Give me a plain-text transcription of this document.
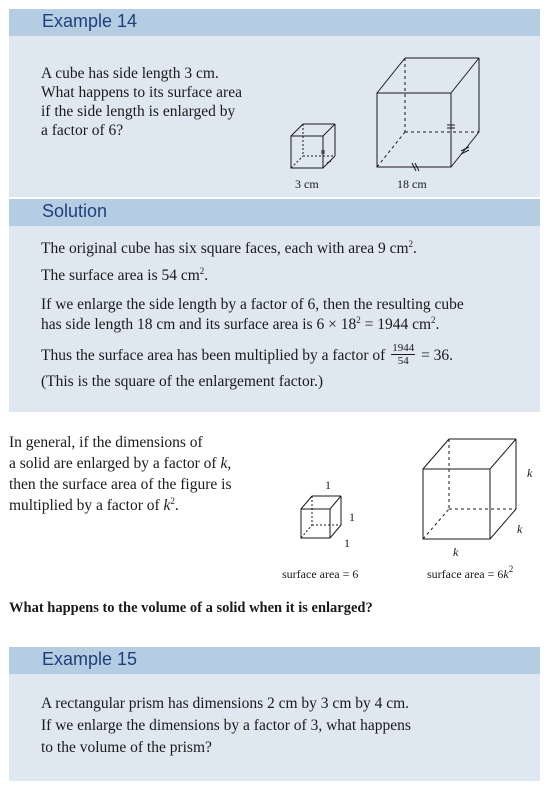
Example 14
A cube has side length 3 cm.
What happens to its surface area
if the side length is enlarged by
a factor of 6?
3 cm	18 cm
Solution
The original cube has six square faces, each with area 9 $cm^2$.
The surface area is 54 $cm^2$.
If we enlarge the side length by a factor of 6, then the resulting cube
has side length 18 cm and its surface area is $6 \times 18^2 = 1944$ $cm^2$.
Thus the surface area has been multiplied by a factor of $\frac{1944}{54} = 36$.
(This is the square of the enlargement factor.)
In general, if the dimensions of
a solid are enlarged by a factor of k,
then the surface area of the figure is
multiplied by a factor of $k^2$.
1
1
1
surface area = 6
k
k
k
surface area = $6k^2$
What happens to the volume of a solid when it is enlarged?
Example 15
A rectangular prism has dimensions 2 cm by 3 cm by 4 cm.
If we enlarge the dimensions by a factor of 3, what happens
to the volume of the prism?
